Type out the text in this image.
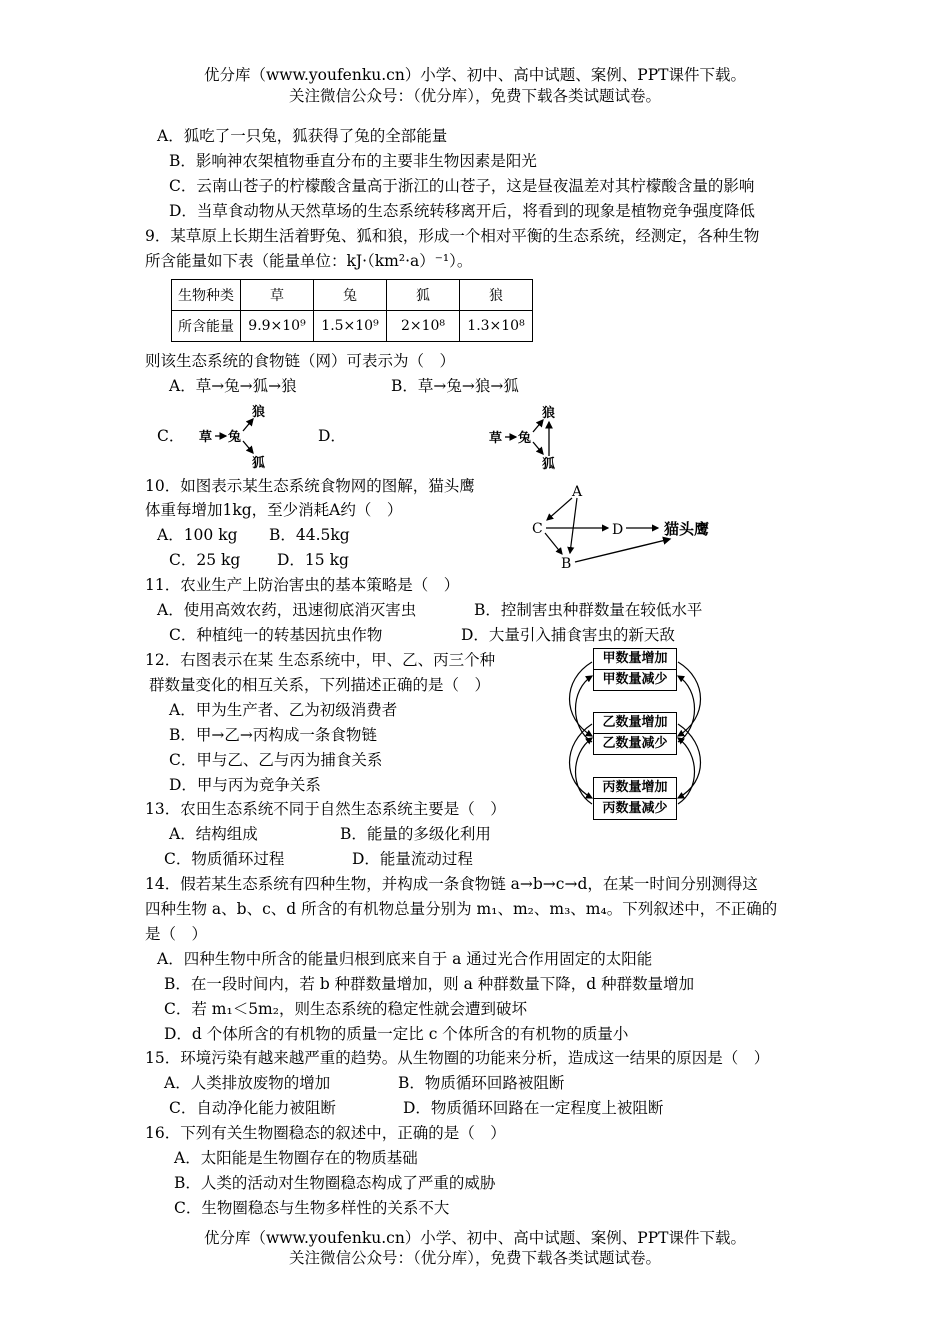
优分库（www.youfenku.cn）小学、初中、高中试题、案例、PPT课件下载。
关注微信公众号：（优分库），免费下载各类试题试卷。
A．狐吃了一只兔，狐获得了兔的全部能量
B．影响神农架植物垂直分布的主要非生物因素是阳光
C．云南山苍子的柠檬酸含量高于浙江的山苍子，这是昼夜温差对其柠檬酸含量的影响
D．当草食动物从天然草场的生态系统转移离开后，将看到的现象是植物竞争强度降低
9．某草原上长期生活着野兔、狐和狼，形成一个相对平衡的生态系统，经测定，各种生物
所含能量如下表（能量单位：kJ·（km²·a）⁻¹）。
生物种类	草	兔	狐	狼
所含能量	9.9×10⁹	1.5×10⁹	2×10⁸	1.3×10⁸
则该生态系统的食物链（网）可表示为（　）
A．草→兔→狐→狼	B．草→兔→狼→狐
C．	D．
草 兔
狼
狐
草 兔
狼
狐
10．如图表示某生态系统食物网的图解，猫头鹰
体重每增加1kg，至少消耗A约（　）
A．100 kg B．44.5kg
C．25 kg D．15 kg
A
C	D
B
猫头鹰
11．农业生产上防治害虫的基本策略是（　）
A．使用高效农药，迅速彻底消灭害虫	B．控制害虫种群数量在较低水平
C．种植纯一的转基因抗虫作物	D．大量引入捕食害虫的新天敌
12．右图表示在某 生态系统中，甲、乙、丙三个种
群数量变化的相互关系，下列描述正确的是（　）
A．甲为生产者、乙为初级消费者
B．甲→乙→丙构成一条食物链
C．甲与乙、乙与丙为捕食关系
D．甲与丙为竞争关系
甲数量增加
甲数量减少
乙数量增加
乙数量减少
丙数量增加
丙数量减少
13．农田生态系统不同于自然生态系统主要是（　）
A．结构组成	B．能量的多级化利用
C．物质循环过程	D．能量流动过程
14．假若某生态系统有四种生物，并构成一条食物链 a→b→c→d，在某一时间分别测得这
四种生物 a、b、c、d 所含的有机物总量分别为 m₁、m₂、m₃、m₄。下列叙述中，不正确的
是（　）
A．四种生物中所含的能量归根到底来自于 a 通过光合作用固定的太阳能
B．在一段时间内，若 b 种群数量增加，则 a 种群数量下降，d 种群数量增加
C．若 m₁＜5m₂，则生态系统的稳定性就会遭到破坏
D．d 个体所含的有机物的质量一定比 c 个体所含的有机物的质量小
15．环境污染有越来越严重的趋势。从生物圈的功能来分析，造成这一结果的原因是（　）
A．人类排放废物的增加	B．物质循环回路被阻断
C．自动净化能力被阻断	D．物质循环回路在一定程度上被阻断
16．下列有关生物圈稳态的叙述中，正确的是（　）
A．太阳能是生物圈存在的物质基础
B．人类的活动对生物圈稳态构成了严重的威胁
C．生物圈稳态与生物多样性的关系不大
优分库（www.youfenku.cn）小学、初中、高中试题、案例、PPT课件下载。
关注微信公众号：（优分库），免费下载各类试题试卷。
